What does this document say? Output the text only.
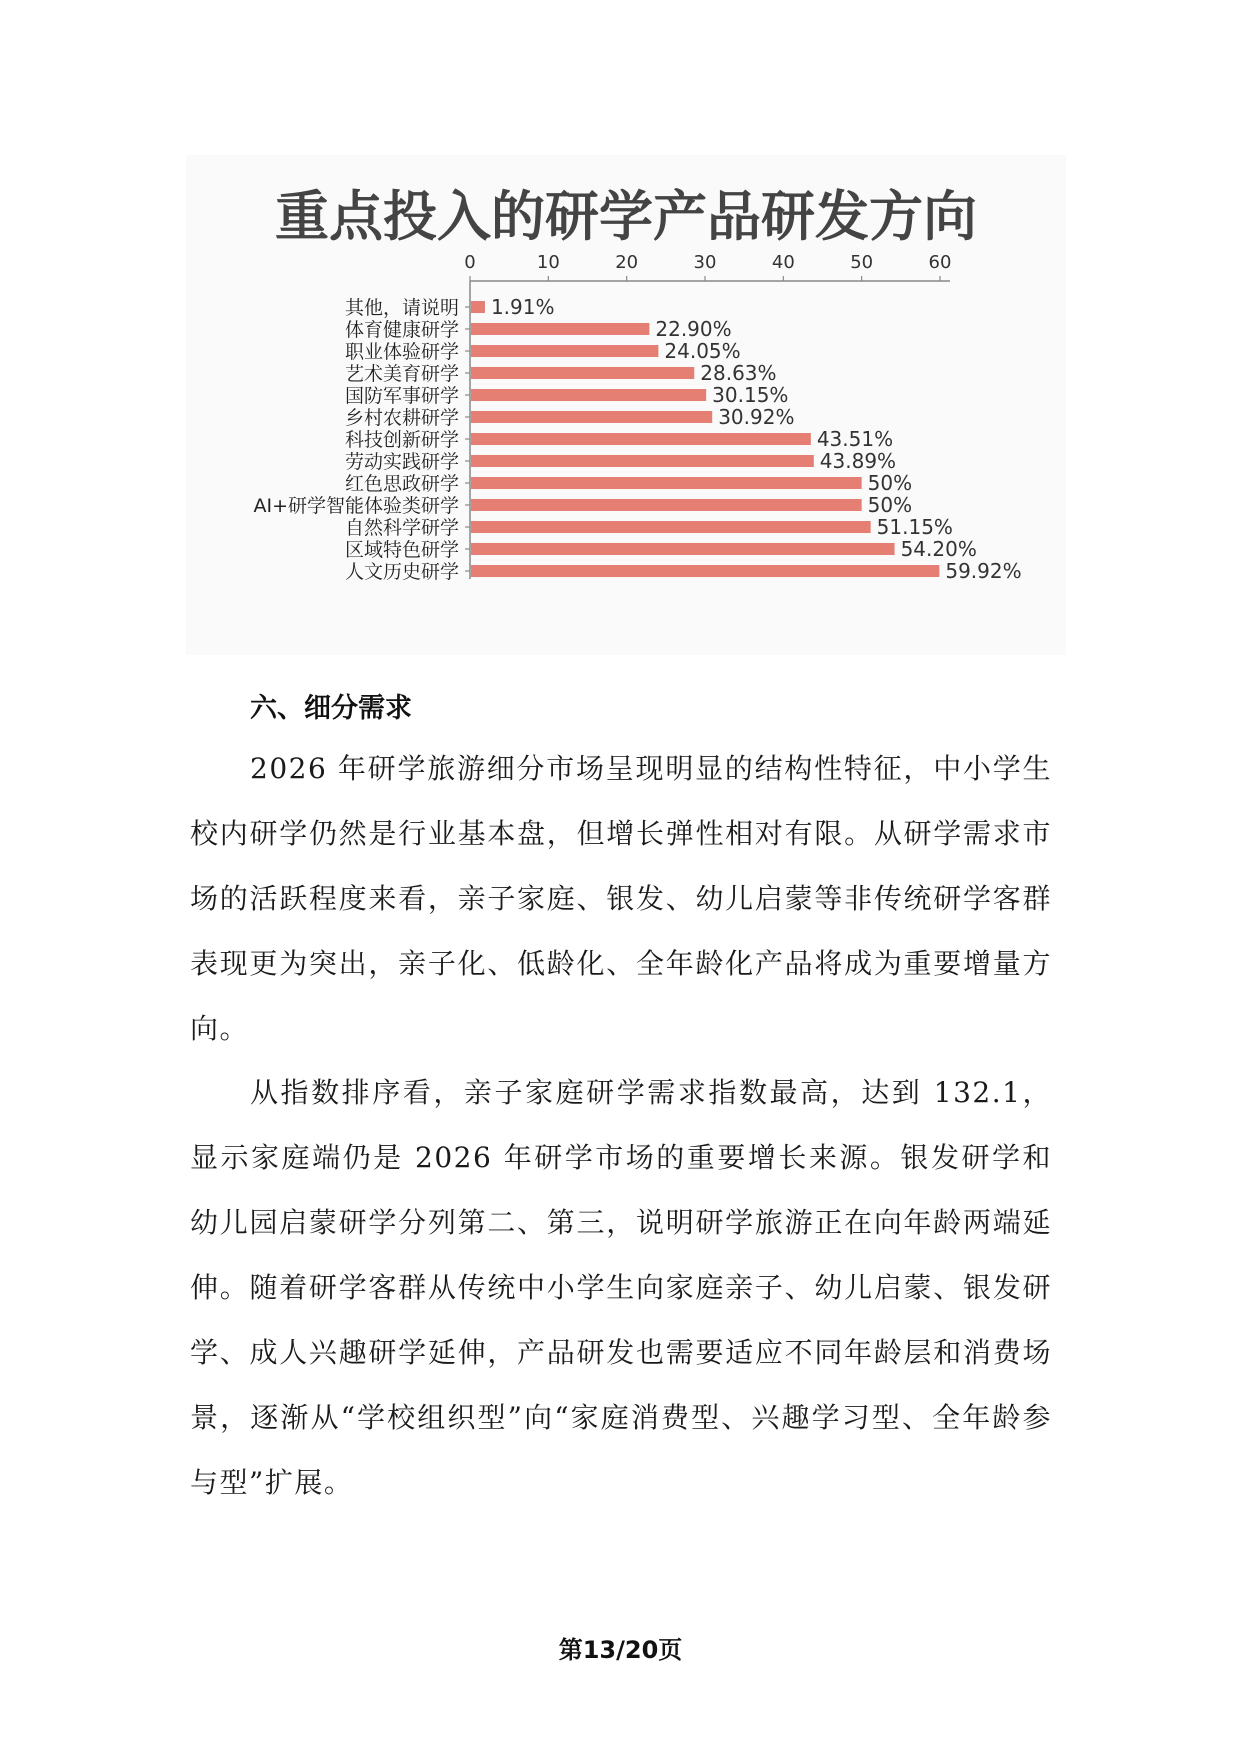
重点投入的研学产品研发方向
0	10	20	30	40	50	60
其他，请说明 1.91%
体育健康研学	22.90%
职业体验研学	24.05%
艺术美育研学	28.63%
国防军事研学	30.15%
乡村农耕研学	30.92%
科技创新研学	43.51%
劳动实践研学	43.89%
红色思政研学	50%
AI+研学智能体验类研学	50%
自然科学研学	51.15%
区域特色研学	54.20%
人文历史研学	59.92%
六、细分需求

2026 年研学旅游细分市场呈现明显的结构性特征，中小学生校内研学仍然是行业基本盘，但增长弹性相对有限。从研学需求市场的活跃程度来看，亲子家庭、银发、幼儿启蒙等非传统研学客群表现更为突出，亲子化、低龄化、全年龄化产品将成为重要增量方向。

从指数排序看，亲子家庭研学需求指数最高，达到 132.1，显示家庭端仍是 2026 年研学市场的重要增长来源。银发研学和幼儿园启蒙研学分列第二、第三，说明研学旅游正在向年龄两端延伸。随着研学客群从传统中小学生向家庭亲子、幼儿启蒙、银发研学、成人兴趣研学延伸，产品研发也需要适应不同年龄层和消费场景，逐渐从“学校组织型”向“家庭消费型、兴趣学习型、全年龄参与型”扩展。

第13/20页
